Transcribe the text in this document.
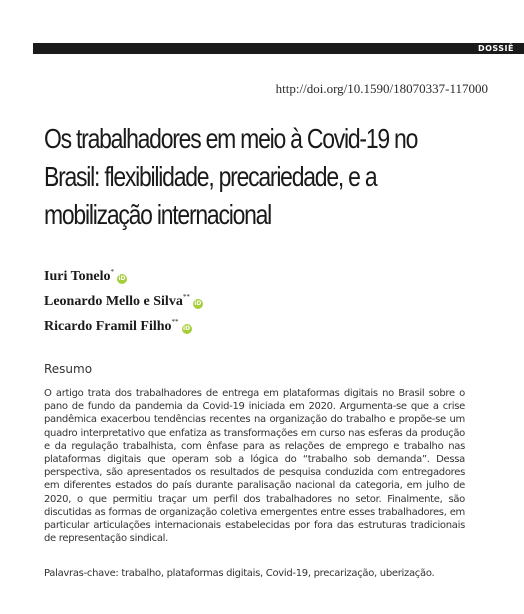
DOSSIÊ
http://doi.org/10.1590/18070337-117000
Os trabalhadores em meio à Covid-19 no Brasil: flexibilidade, precariedade, e a mobilização internacional
Iuri Tonelo*iD
Leonardo Mello e Silva**iD
Ricardo Framil Filho**iD
Resumo

O artigo trata dos trabalhadores de entrega em plataformas digitais no Brasil sobre o pano de fundo da pandemia da Covid-19 iniciada em 2020. Argumenta-se que a crise pandêmica exacerbou tendências recentes na organização do trabalho e propõe-se um quadro interpretativo que enfatiza as transformações em curso nas esferas da produção e da regulação trabalhista, com ênfase para as relações de emprego e trabalho nas plataformas digitais que operam sob a lógica do “trabalho sob demanda”. Dessa perspectiva, são apresentados os resultados de pesquisa conduzida com entregadores em diferentes estados do país durante paralisação nacional da categoria, em julho de 2020, o que permitiu traçar um perfil dos trabalhadores no setor. Finalmente, são discutidas as formas de organização coletiva emergentes entre esses trabalhadores, em particular articulações internacionais estabelecidas por fora das estruturas tradicionais de representação sindical.

Palavras-chave: trabalho, plataformas digitais, Covid-19, precarização, uberização.
